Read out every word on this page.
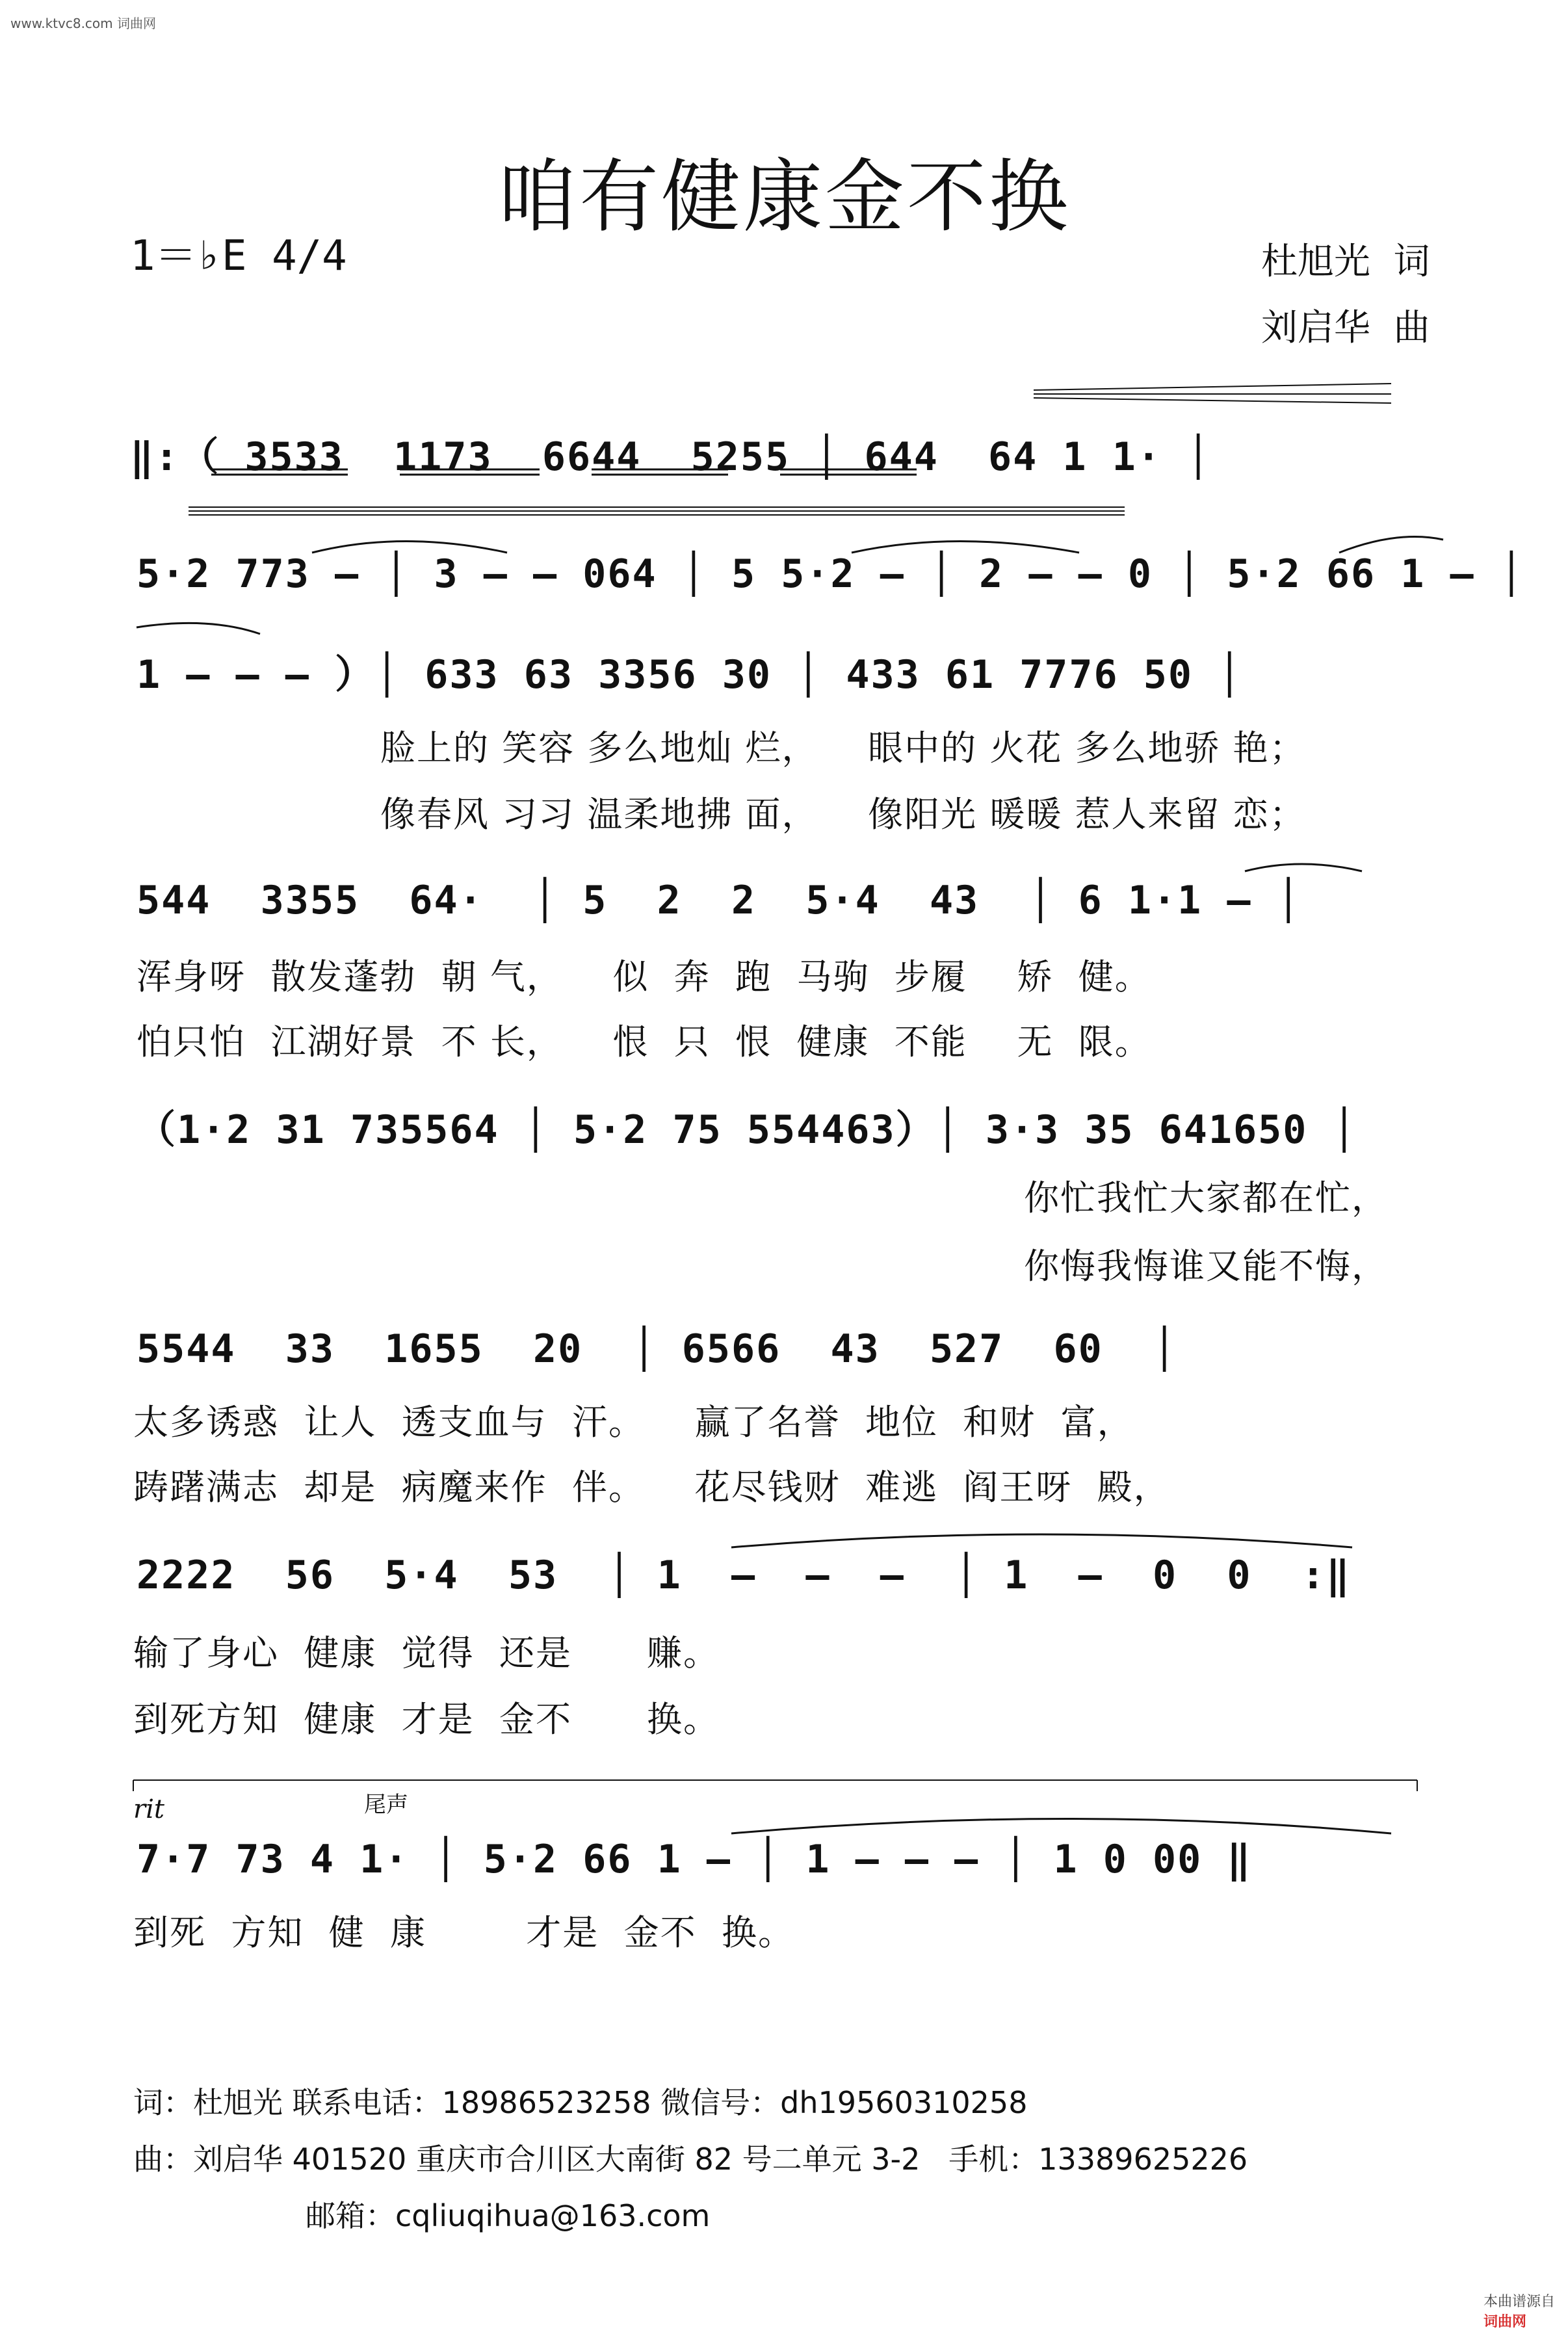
www.ktvc8.com 词曲网
咱有健康金不换
1＝♭E 4/4	杜旭光  词
刘启华  曲
‖:（ 3533  1173  6644  5255 │ 644  64 1 1· │
5·2 773 – │ 3 – – 064 │ 5 5·2 – │ 2 – – 0 │ 5·2 66 1 – │
1 – – – ）│ 633 63 3356 30 │ 433 61 7776 50 │
脸上的 笑容 多么地灿 烂，    眼中的 火花 多么地骄 艳；
像春风 习习 温柔地拂 面，    像阳光 暖暖 惹人来留 恋；
544  3355  64·  │ 5  2  2  5·4  43  │ 6 1·1 – │
浑身呀  散发蓬勃  朝 气，    似  奔  跑  马驹  步履    矫  健。
怕只怕  江湖好景  不 长，    恨  只  恨  健康  不能    无  限。
（1·2 31 735564 │ 5·2 75 554463）│ 3·3 35 641650 │
你忙我忙大家都在忙，
你悔我悔谁又能不悔，
5544  33  1655  20  │ 6566  43  527  60  │
太多诱惑  让人  透支血与  汗。    赢了名誉  地位  和财  富，
踌躇满志  却是  病魔来作  伴。    花尽钱财  难逃  阎王呀  殿，
2222  56  5·4  53  │ 1  –  –  –  │ 1  –  0  0  :‖
输了身心  健康  觉得  还是      赚。
到死方知  健康  才是  金不      换。
rit	尾声
7·7 73 4 1· │ 5·2 66 1 – │ 1 – – – │ 1 0 00 ‖
到死  方知  健  康        才是  金不  换。
词：杜旭光 联系电话：18986523258 微信号：dh19560310258
曲：刘启华 401520 重庆市合川区大南街 82 号二单元 3-2   手机：13389625226
邮箱：cqliuqihua@163.com

本曲谱源自
词曲网
